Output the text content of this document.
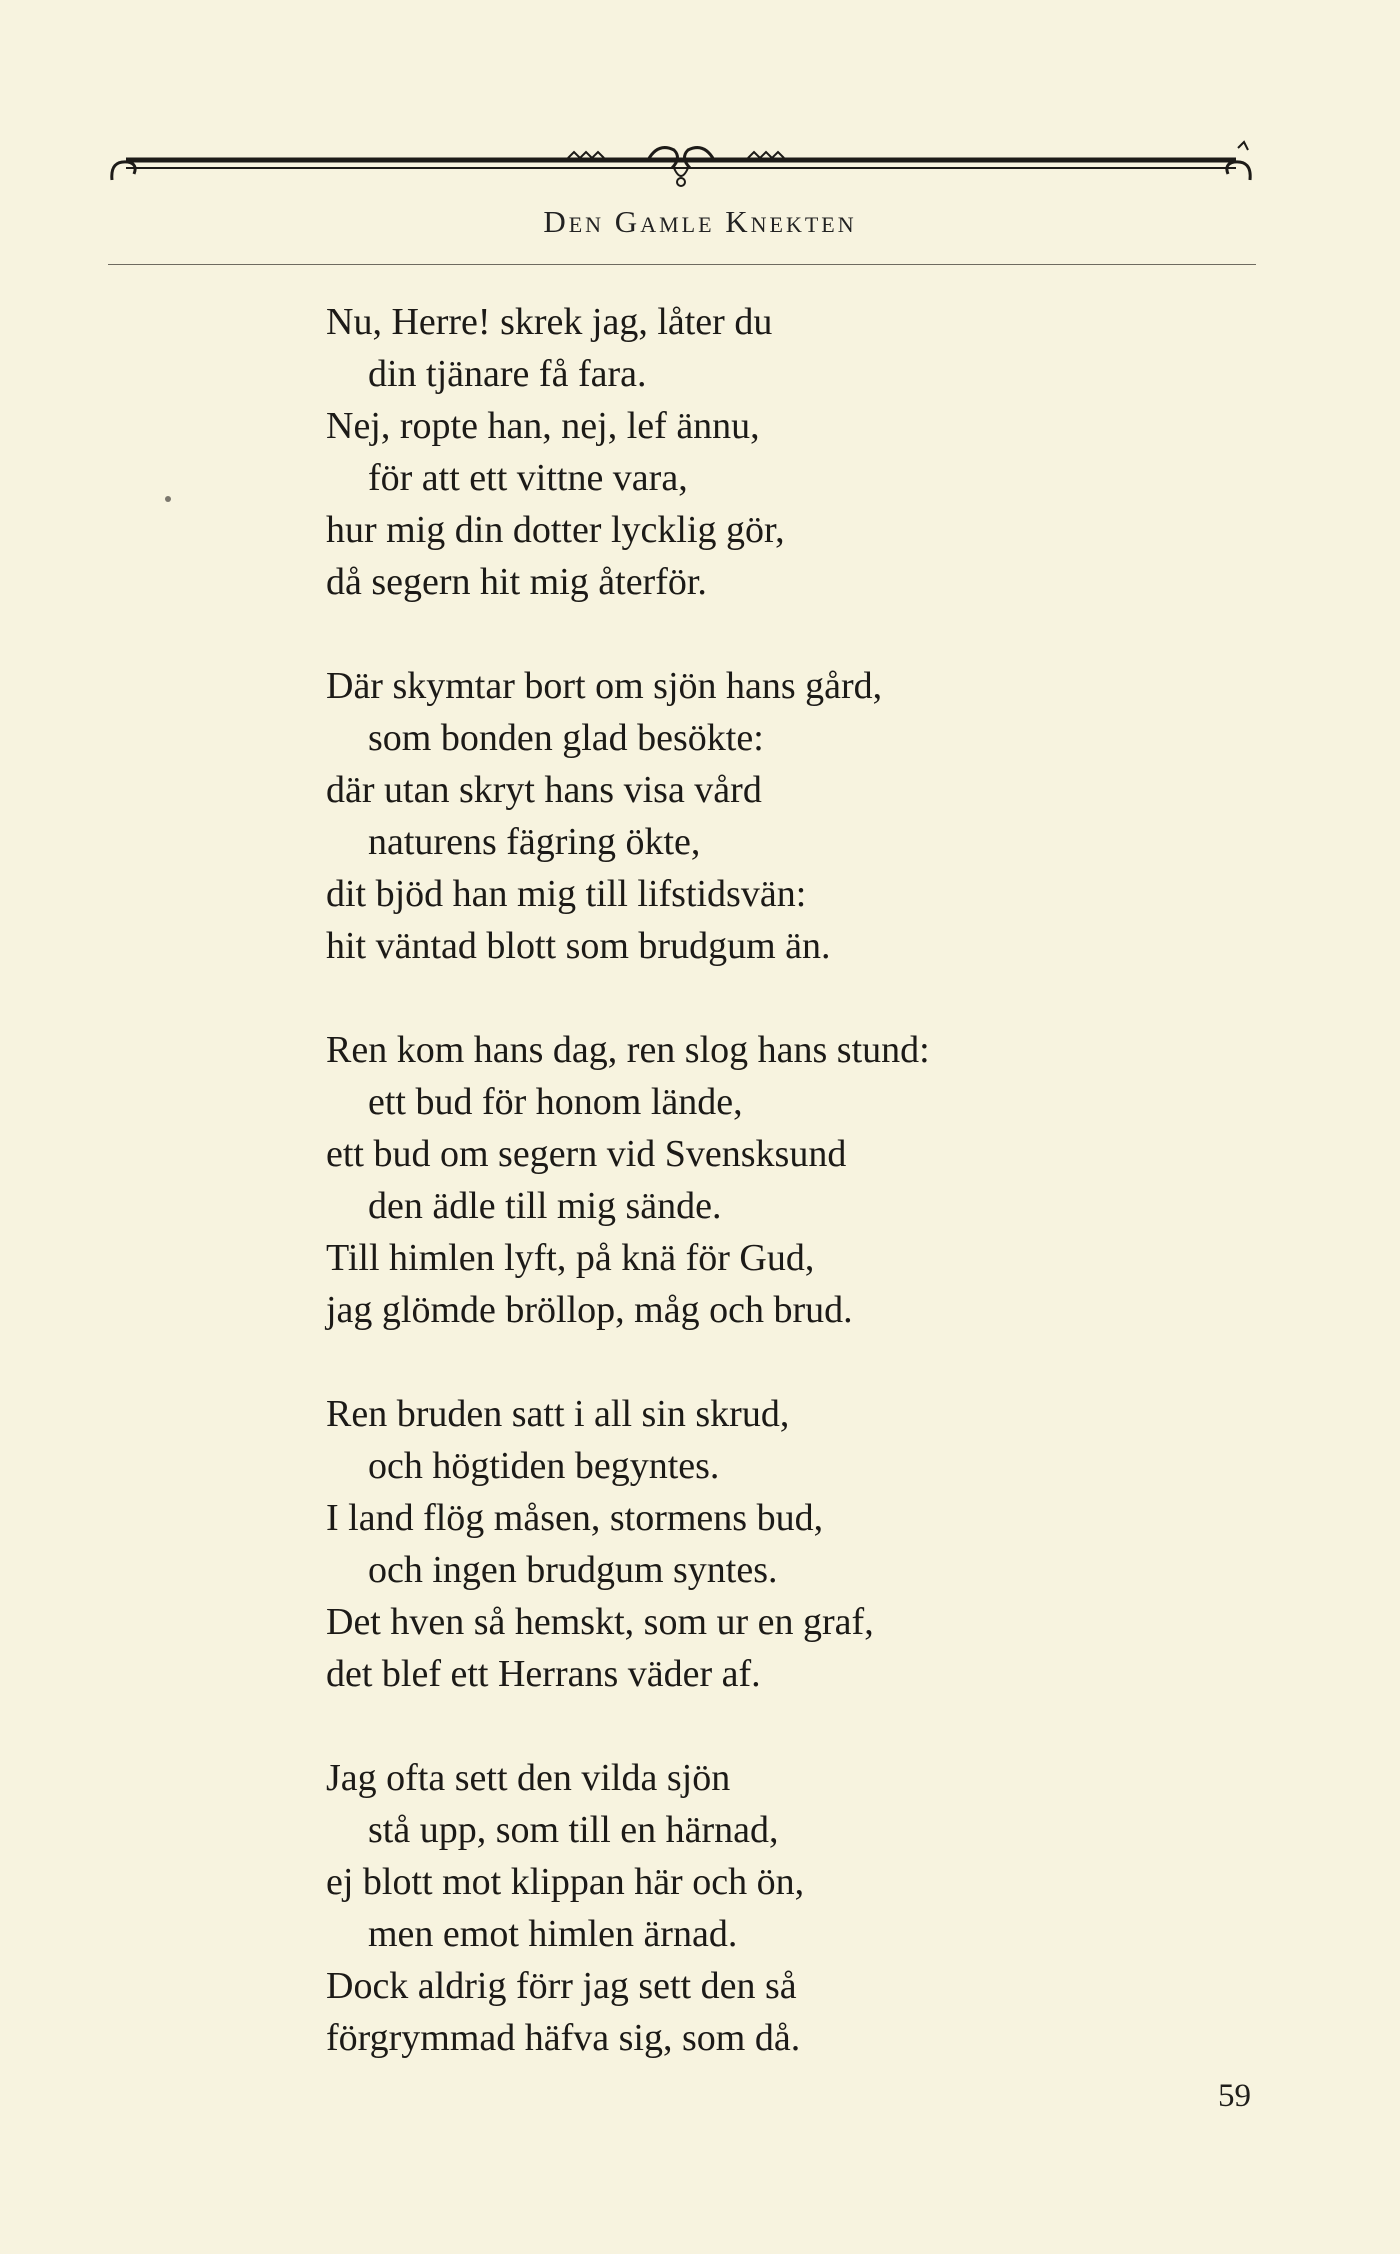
Den Gamle Knekten
Nu, Herre! skrek jag, låter du
din tjänare få fara.
Nej, ropte han, nej, lef ännu,
för att ett vittne vara,
hur mig din dotter lycklig gör,
då segern hit mig återför.
Där skymtar bort om sjön hans gård,
som bonden glad besökte:
där utan skryt hans visa vård
naturens fägring ökte,
dit bjöd han mig till lifstidsvän:
hit väntad blott som brudgum än.
Ren kom hans dag, ren slog hans stund:
ett bud för honom lände,
ett bud om segern vid Svensksund
den ädle till mig sände.
Till himlen lyft, på knä för Gud,
jag glömde bröllop, måg och brud.
Ren bruden satt i all sin skrud,
och högtiden begyntes.
I land flög måsen, stormens bud,
och ingen brudgum syntes.
Det hven så hemskt, som ur en graf,
det blef ett Herrans väder af.
Jag ofta sett den vilda sjön
stå upp, som till en härnad,
ej blott mot klippan här och ön,
men emot himlen ärnad.
Dock aldrig förr jag sett den så
förgrymmad häfva sig, som då.
59
